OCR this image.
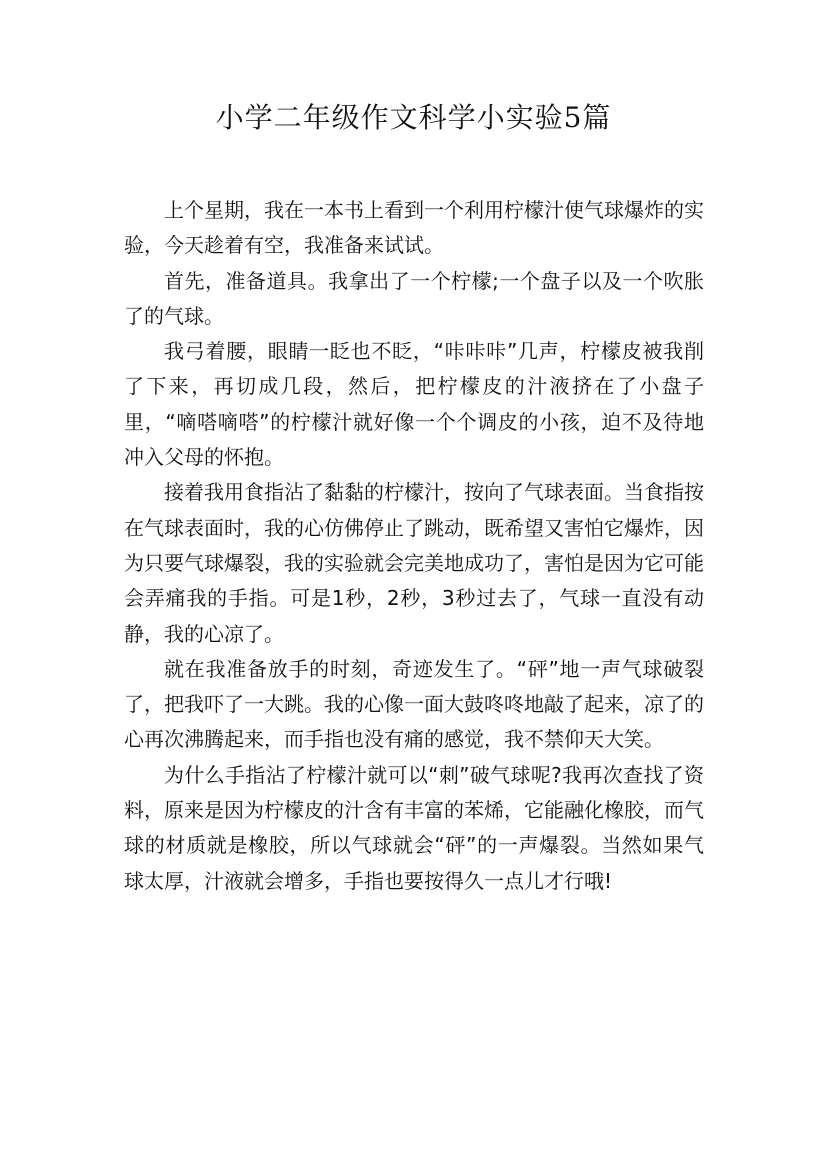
小学二年级作文科学小实验5篇

上个星期，我在一本书上看到一个利用柠檬汁使气球爆炸的实验，今天趁着有空，我准备来试试。

首先，准备道具。我拿出了一个柠檬;一个盘子以及一个吹胀了的气球。

我弓着腰，眼睛一眨也不眨，“咔咔咔”几声，柠檬皮被我削了下来，再切成几段，然后，把柠檬皮的汁液挤在了小盘子里，“嘀嗒嘀嗒”的柠檬汁就好像一个个调皮的小孩，迫不及待地冲入父母的怀抱。

接着我用食指沾了黏黏的柠檬汁，按向了气球表面。当食指按在气球表面时，我的心仿佛停止了跳动，既希望又害怕它爆炸，因为只要气球爆裂，我的实验就会完美地成功了，害怕是因为它可能会弄痛我的手指。可是1秒，2秒，3秒过去了，气球一直没有动静，我的心凉了。

就在我准备放手的时刻，奇迹发生了。“砰”地一声气球破裂了，把我吓了一大跳。我的心像一面大鼓咚咚地敲了起来，凉了的心再次沸腾起来，而手指也没有痛的感觉，我不禁仰天大笑。

为什么手指沾了柠檬汁就可以“刺”破气球呢?我再次查找了资料，原来是因为柠檬皮的汁含有丰富的苯烯，它能融化橡胶，而气球的材质就是橡胶，所以气球就会“砰”的一声爆裂。当然如果气球太厚，汁液就会增多，手指也要按得久一点儿才行哦!
